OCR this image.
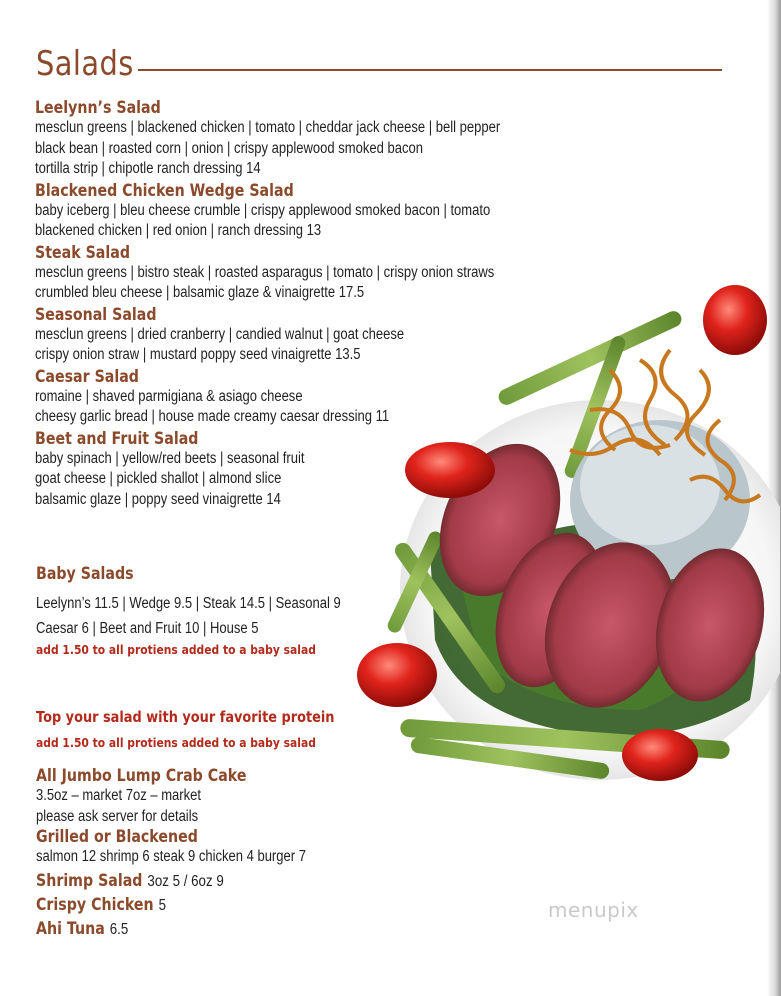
Salads
Leelynn’s Salad
mesclun greens | blackened chicken | tomato | cheddar jack cheese | bell pepper
black bean | roasted corn | onion | crispy applewood smoked bacon
tortilla strip | chipotle ranch dressing 14
Blackened Chicken Wedge Salad
baby iceberg | bleu cheese crumble | crispy applewood smoked bacon | tomato
blackened chicken | red onion | ranch dressing 13
Steak Salad
mesclun greens | bistro steak | roasted asparagus | tomato | crispy onion straws
crumbled bleu cheese | balsamic glaze & vinaigrette 17.5
Seasonal Salad
mesclun greens | dried cranberry | candied walnut | goat cheese
crispy onion straw | mustard poppy seed vinaigrette 13.5
Caesar Salad
romaine | shaved parmigiana & asiago cheese
cheesy garlic bread | house made creamy caesar dressing 11
Beet and Fruit Salad
baby spinach | yellow/red beets | seasonal fruit
goat cheese | pickled shallot | almond slice
balsamic glaze | poppy seed vinaigrette 14
Baby Salads
Leelynn’s 11.5 | Wedge 9.5 | Steak 14.5 | Seasonal 9
Caesar 6 | Beet and Fruit 10 | House 5
add 1.50 to all protiens added to a baby salad
Top your salad with your favorite protein
add 1.50 to all protiens added to a baby salad
All Jumbo Lump Crab Cake
3.5oz – market 7oz – market
please ask server for details
Grilled or Blackened
salmon 12 shrimp 6 steak 9 chicken 4 burger 7
Shrimp Salad 3oz 5 / 6oz 9
Crispy Chicken 5
Ahi Tuna 6.5
menupix
